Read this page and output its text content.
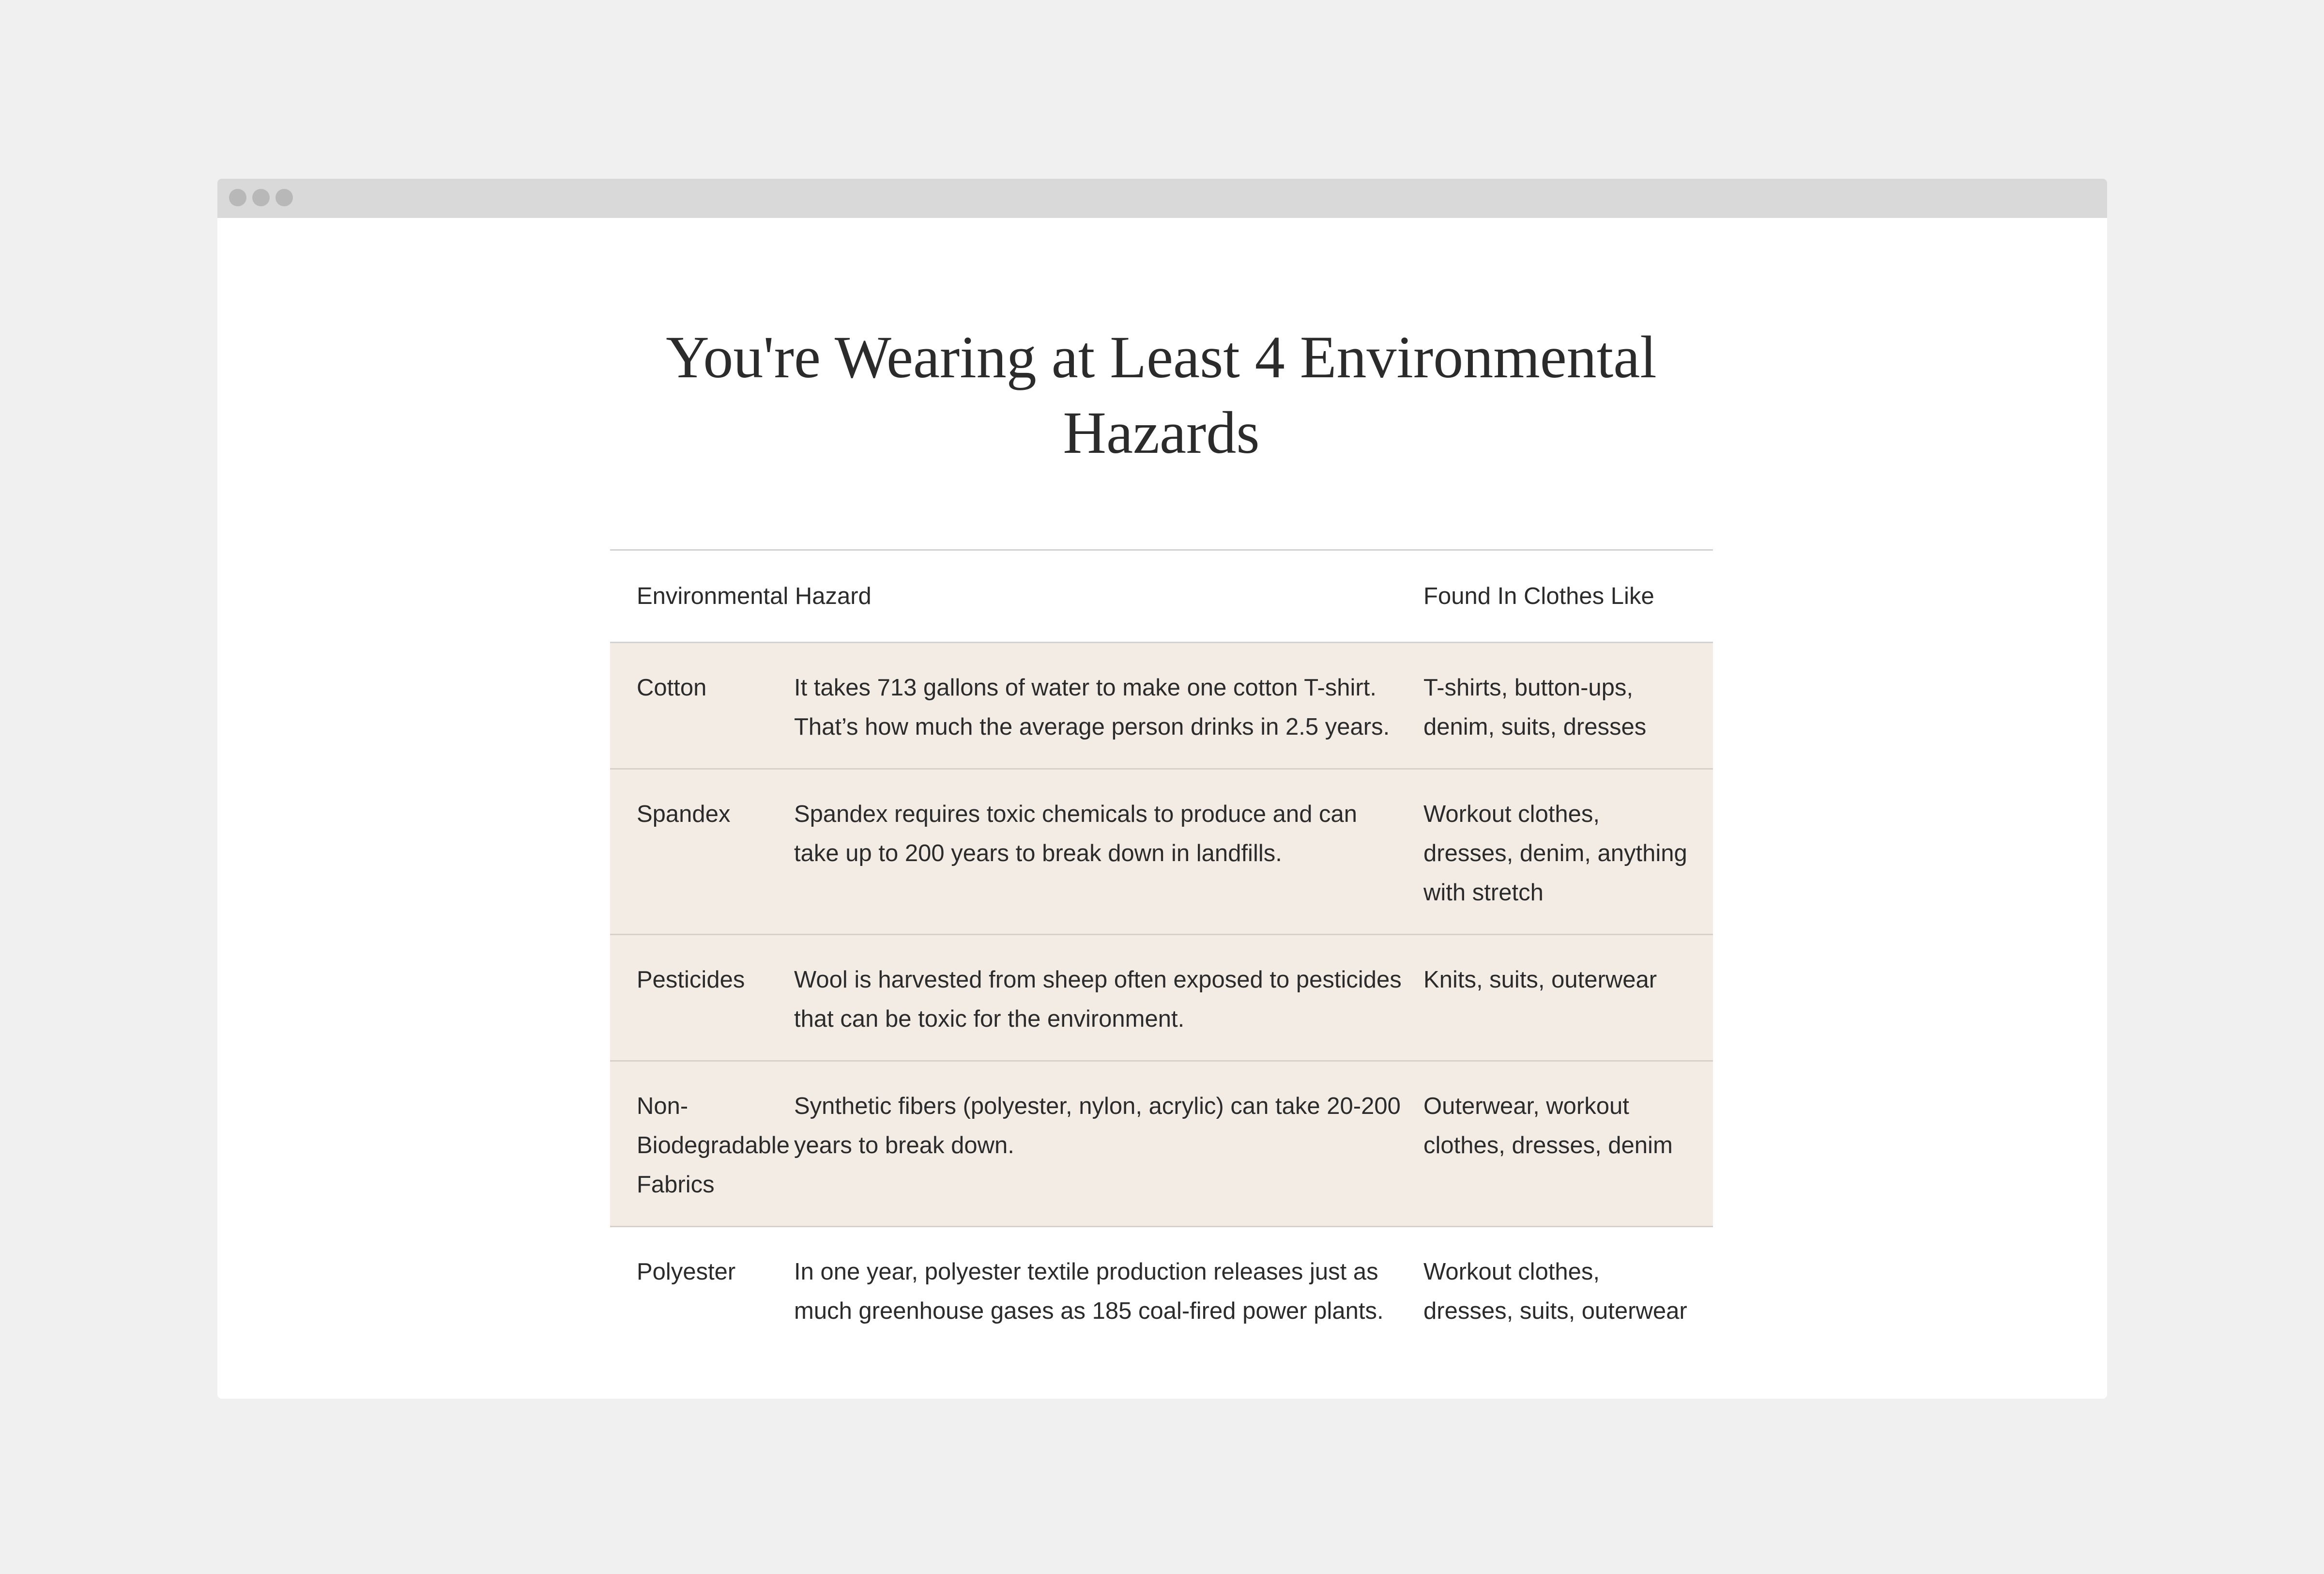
You're Wearing at Least 4 Environmental Hazards
Environmental Hazard		Found In Clothes Like
Cotton	It takes 713 gallons of water to make one cotton T-shirt. That’s how much the average person drinks in 2.5 years.	T-shirts, button-ups, denim, suits, dresses
Spandex	Spandex requires toxic chemicals to produce and can take up to 200 years to break down in landfills.	Workout clothes, dresses, denim, anything with stretch
Pesticides	Wool is harvested from sheep often exposed to pesticides that can be toxic for the environment.	Knits, suits, outerwear
Non-Biodegradable Fabrics	Synthetic fibers (polyester, nylon, acrylic) can take 20-200 years to break down.	Outerwear, workout clothes, dresses, denim
Polyester	In one year, polyester textile production releases just as much greenhouse gases as 185 coal-fired power plants.	Workout clothes, dresses, suits, outerwear
